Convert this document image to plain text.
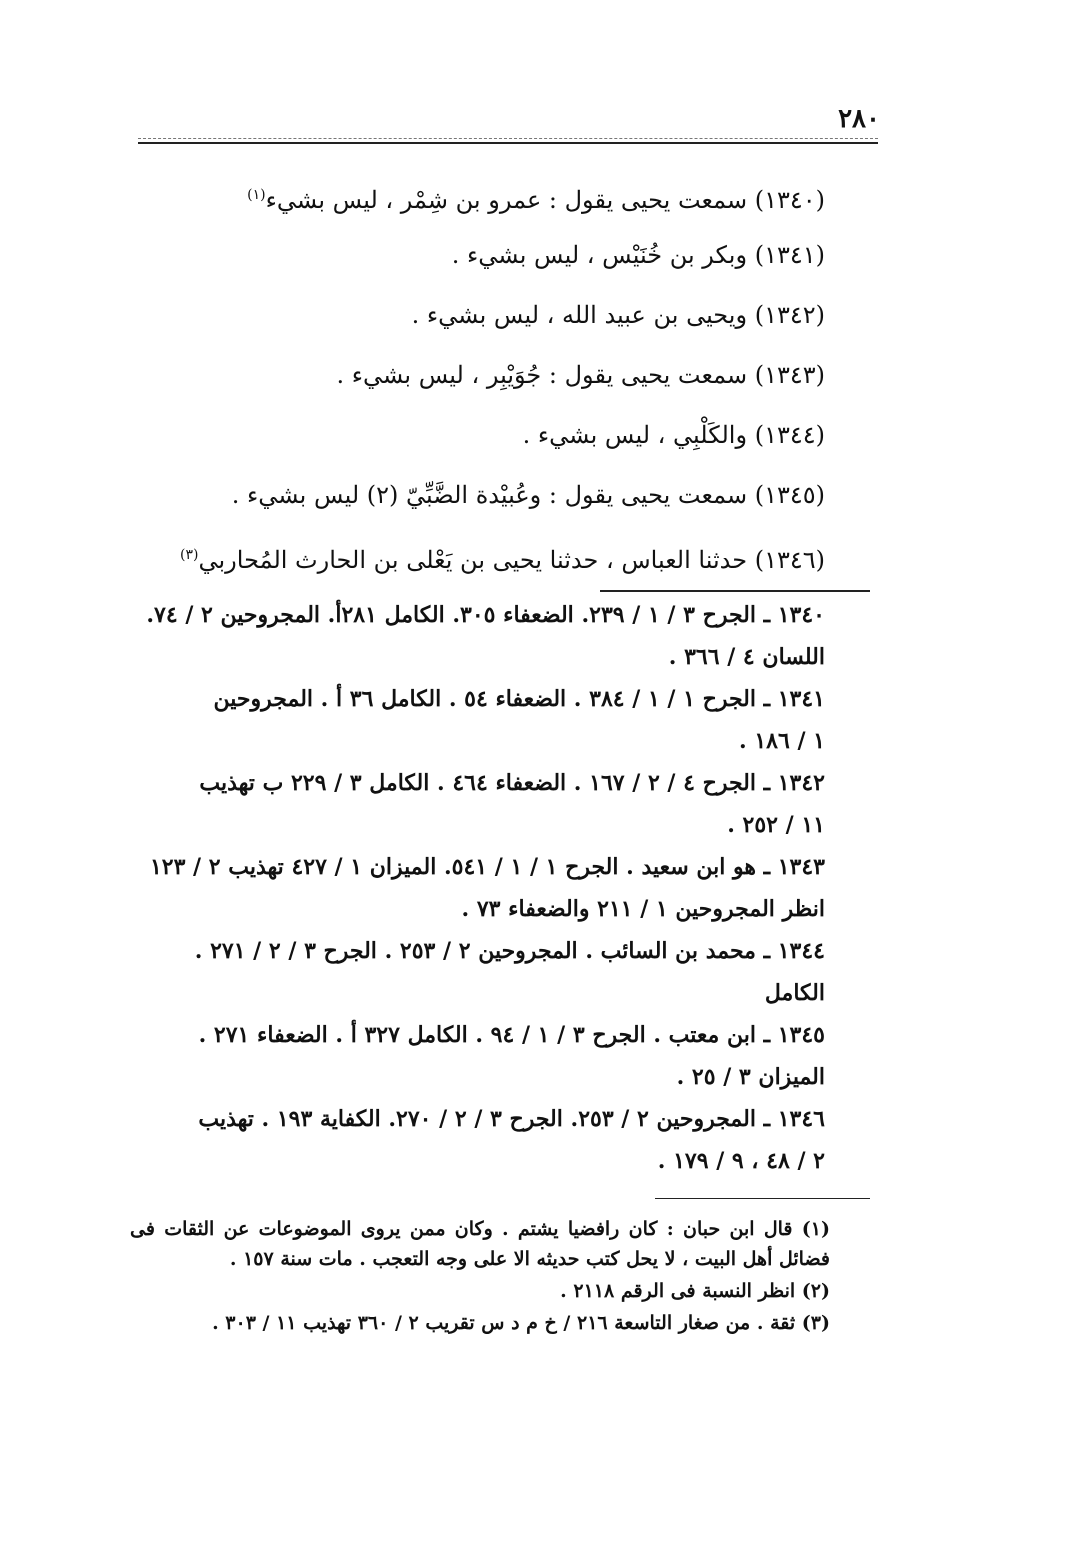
٢٨٠
(١٣٤٠) سمعت يحيى يقول : عمرو بن شِمْر ، ليس بشيء$^{(١)}$
(١٣٤١) وبكر بن خُنَيْس ، ليس بشيء .
(١٣٤٢) ويحيى بن عبيد الله ، ليس بشيء .
(١٣٤٣) سمعت يحيى يقول : جُوَيْبِر ، ليس بشيء .
(١٣٤٤) والكَلْبِي ، ليس بشيء .
(١٣٤٥) سمعت يحيى يقول : وعُبيْدة الضَّبِّيّ (٢) ليس بشيء .
(١٣٤٦) حدثنا العباس ، حدثنا يحيى بن يَعْلى بن الحارث المُحاربي$^{(٣)}$
١٣٤٠ ـ الجرح ٣ / ١ / ٢٣٩. الضعفاء ٣٠٥. الكامل ٢٨١أ. المجروحين ٢ / ٧٤.
اللسان ٤ / ٣٦٦ .
١٣٤١ ـ الجرح ١ / ١ / ٣٨٤ . الضعفاء ٥٤ . الكامل ٣٦ أ . المجروحين
١ / ١٨٦ .
١٣٤٢ ـ الجرح ٤ / ٢ / ١٦٧ . الضعفاء ٤٦٤ . الكامل ٣ / ٢٢٩ ب تهذيب
١١ / ٢٥٢ .
١٣٤٣ ـ هو ابن سعيد . الجرح ١ / ١ / ٥٤١. الميزان ١ / ٤٢٧ تهذيب ٢ / ١٢٣
انظر المجروحين ١ / ٢١١ والضعفاء ٧٣ .
١٣٤٤ ـ محمد بن السائب . المجروحين ٢ / ٢٥٣ . الجرح ٣ / ٢ / ٢٧١ . الكامل
١٣٤٥ ـ ابن معتب . الجرح ٣ / ١ / ٩٤ . الكامل ٣٢٧ أ . الضعفاء ٢٧١ .
الميزان ٣ / ٢٥ .
١٣٤٦ ـ المجروحين ٢ / ٢٥٣. الجرح ٣ / ٢ / ٢٧٠. الكفاية ١٩٣ . تهذيب
٢ / ٤٨ ، ٩ / ١٧٩ .
(١) قال ابن حبان : كان رافضيا يشتم . وكان ممن يروى الموضوعات عن الثقات فى فضائل أهل البيت ، لا يحل كتب حديثه الا على وجه التعجب . مات سنة ١٥٧ .
(٢) انظر النسبة فى الرقم ٢١١٨ .
(٣) ثقة . من صغار التاسعة ٢١٦ / خ م د س تقريب ٢ / ٣٦٠ تهذيب ١١ / ٣٠٣ .
